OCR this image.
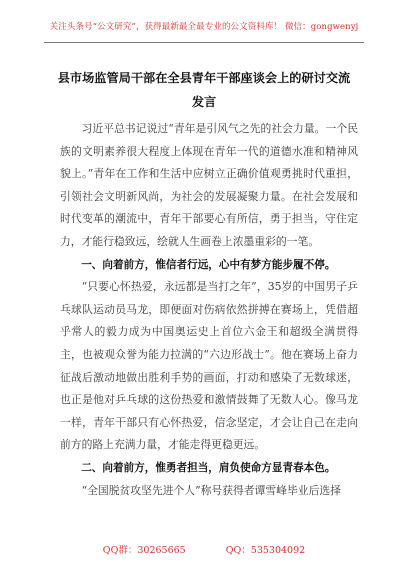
关注头条号“公文研究”，获得最新最全最专业的公文资料库！ 微信：gongwenyj
县市场监管局干部在全县青年干部座谈会上的研讨交流发言

习近平总书记说过“青年是引风气之先的社会力量。一个民族的文明素养很大程度上体现在青年一代的道德水准和精神风貌上。”青年在工作和生活中应树立正确价值观勇挑时代重担，引领社会文明新风尚，为社会的发展凝聚力量。在社会发展和时代变革的潮流中，青年干部要心有所信，勇于担当，守住定力，才能行稳致远，绘就人生画卷上浓墨重彩的一笔。

一、向着前方，惟信者行远，心中有梦方能步履不停。

“只要心怀热爱，永远都是当打之年”，35岁的中国男子乒乓球队运动员马龙，即便面对伤病依然拼搏在赛场上，凭借超乎常人的毅力成为中国奥运史上首位六金王和超级全满贯得主，也被观众誉为能力拉满的“六边形战士”。他在赛场上奋力征战后激动地做出胜利手势的画面，打动和感染了无数球迷，也正是他对乒乓球的这份热爱和激情鼓舞了无数人心。像马龙一样，青年干部只有心怀热爱，信念坚定，才会让自己在走向前方的路上充满力量，才能走得更稳更远。

二、向着前方，惟勇者担当，肩负使命方显青春本色。

“全国脱贫攻坚先进个人”称号获得者谭雪峰毕业后选择

QQ群：30265665	QQ：535304092
